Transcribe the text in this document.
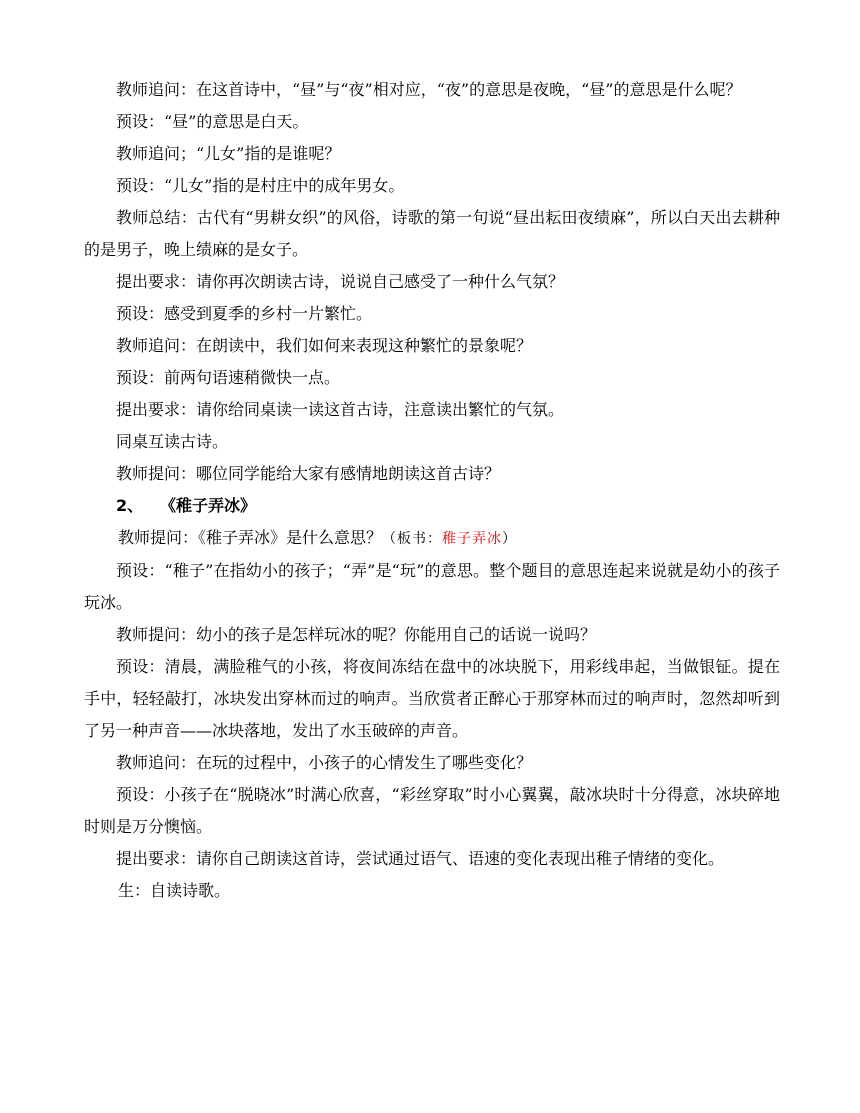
教师追问：在这首诗中，“昼”与“夜”相对应，“夜”的意思是夜晚，“昼”的意思是什么呢？

预设：“昼”的意思是白天。

教师追问；“儿女”指的是谁呢？

预设：“儿女”指的是村庄中的成年男女。

教师总结：古代有“男耕女织”的风俗，诗歌的第一句说“昼出耘田夜绩麻”，所以白天出去耕种的是男子，晚上绩麻的是女子。

提出要求：请你再次朗读古诗，说说自己感受了一种什么气氛？

预设：感受到夏季的乡村一片繁忙。

教师追问：在朗读中，我们如何来表现这种繁忙的景象呢？

预设：前两句语速稍微快一点。

提出要求：请你给同桌读一读这首古诗，注意读出繁忙的气氛。

同桌互读古诗。

教师提问：哪位同学能给大家有感情地朗读这首古诗？

2、 《稚子弄冰》

教师提问：《稚子弄冰》是什么意思？（板书：稚子弄冰）

预设：“稚子”在指幼小的孩子；“弄”是“玩”的意思。整个题目的意思连起来说就是幼小的孩子玩冰。

教师提问：幼小的孩子是怎样玩冰的呢？你能用自己的话说一说吗？

预设：清晨，满脸稚气的小孩，将夜间冻结在盘中的冰块脱下，用彩线串起，当做银钲。提在手中，轻轻敲打，冰块发出穿林而过的响声。当欣赏者正醉心于那穿林而过的响声时，忽然却听到了另一种声音——冰块落地，发出了水玉破碎的声音。

教师追问：在玩的过程中，小孩子的心情发生了哪些变化？

预设：小孩子在“脱晓冰”时满心欣喜，“彩丝穿取”时小心翼翼，敲冰块时十分得意，冰块碎地时则是万分懊恼。

提出要求：请你自己朗读这首诗，尝试通过语气、语速的变化表现出稚子情绪的变化。

生：自读诗歌。
